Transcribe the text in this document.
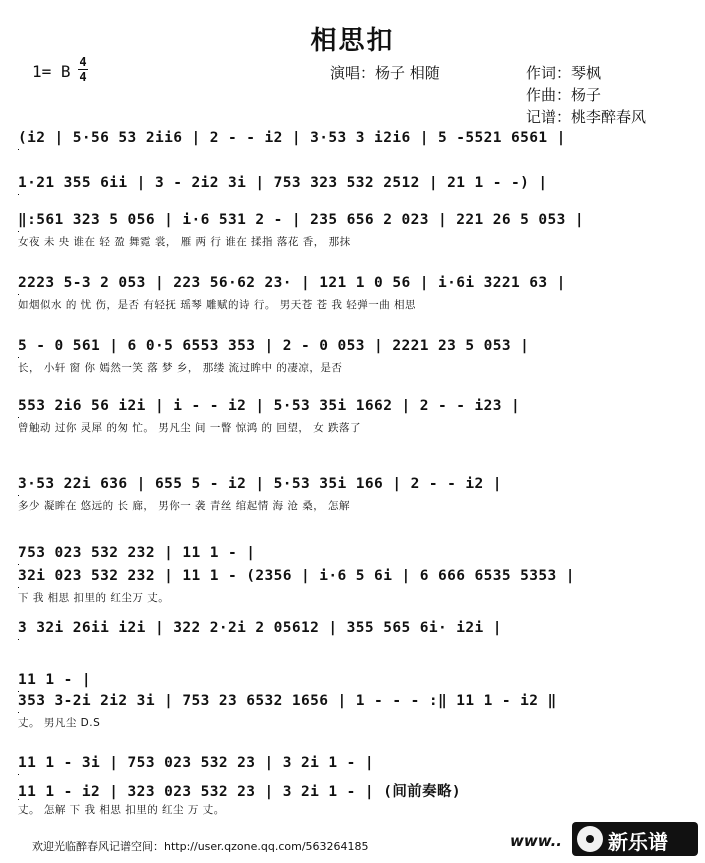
相思扣
1= B 4
4	演唱：杨子 相随	作词：琴枫
作曲：杨子
记谱：桃李醉春风
(i2 | 5·56 53 2ii6 | 2 - - i2 | 3·53 3 i2i6 | 5 -5521 6561 |
1·21 355 6ii | 3 - 2i2 3i | 753 323 532 2512 | 21 1 - -) |
‖:561 323 5 056 | i·6 531 2 - | 235 656 2 023 | 221 26 5 053 |
女夜 未 央 谁在 轻 盈 舞霓 裳， 雁 两 行 谁在 揉指 落花 香， 那抹
2223 5-3 2 053 | 223 56·62 23· | 121 1 0 56 | i·6i 3221 63 |
如烟似水 的 忧 伤，是否 有轻抚 瑶琴 雕赋的诗 行。 男天苍 苍 我 轻弹一曲 相思
5 - 0 561 | 6 0·5 6553 353 | 2 - 0 053 | 2221 23 5 053 |
长， 小轩 窗 你 嫣然一笑 落 梦 乡， 那缕 流过眸中 的凄凉，是否
553 2i6 56 i2i | i - - i2 | 5·53 35i 1662 | 2 - - i23 |
曾触动 过你 灵犀 的匆 忙。 男凡尘 间 一瞥 惊鸿 的 回望， 女 跌落了
3·53 22i 636 | 655 5 - i2 | 5·53 35i 166 | 2 - - i2 |
多少 凝眸在 悠远的 长 廊， 男你一 袭 青丝 绾起情 海 沧 桑， 怎解
753 023 532 232 | 11 1 - |
32i 023 532 232 | 11 1 - (2356 | i·6 5 6i | 6 666 6535 5353 |
下 我 相思 扣里的 红尘万 丈。
3 32i 26ii i2i | 322 2·2i 2 05612 | 355 565 6i· i2i |
11 1 - |
353 3-2i 2i2 3i | 753 23 6532 1656 | 1 - - - :‖ 11 1 - i2 ‖
丈。 男凡尘 D.S
11 1 - 3i | 753 023 532 23 | 3 2i 1 - |
11 1 - i2 | 323 023 532 23 | 3 2i 1 - | (间前奏略)
丈。 怎解 下 我 相思 扣里的 红尘 万 丈。
欢迎光临醉春风记谱空间：http://user.qzone.qq.com/563264185	www.. 新乐谱
